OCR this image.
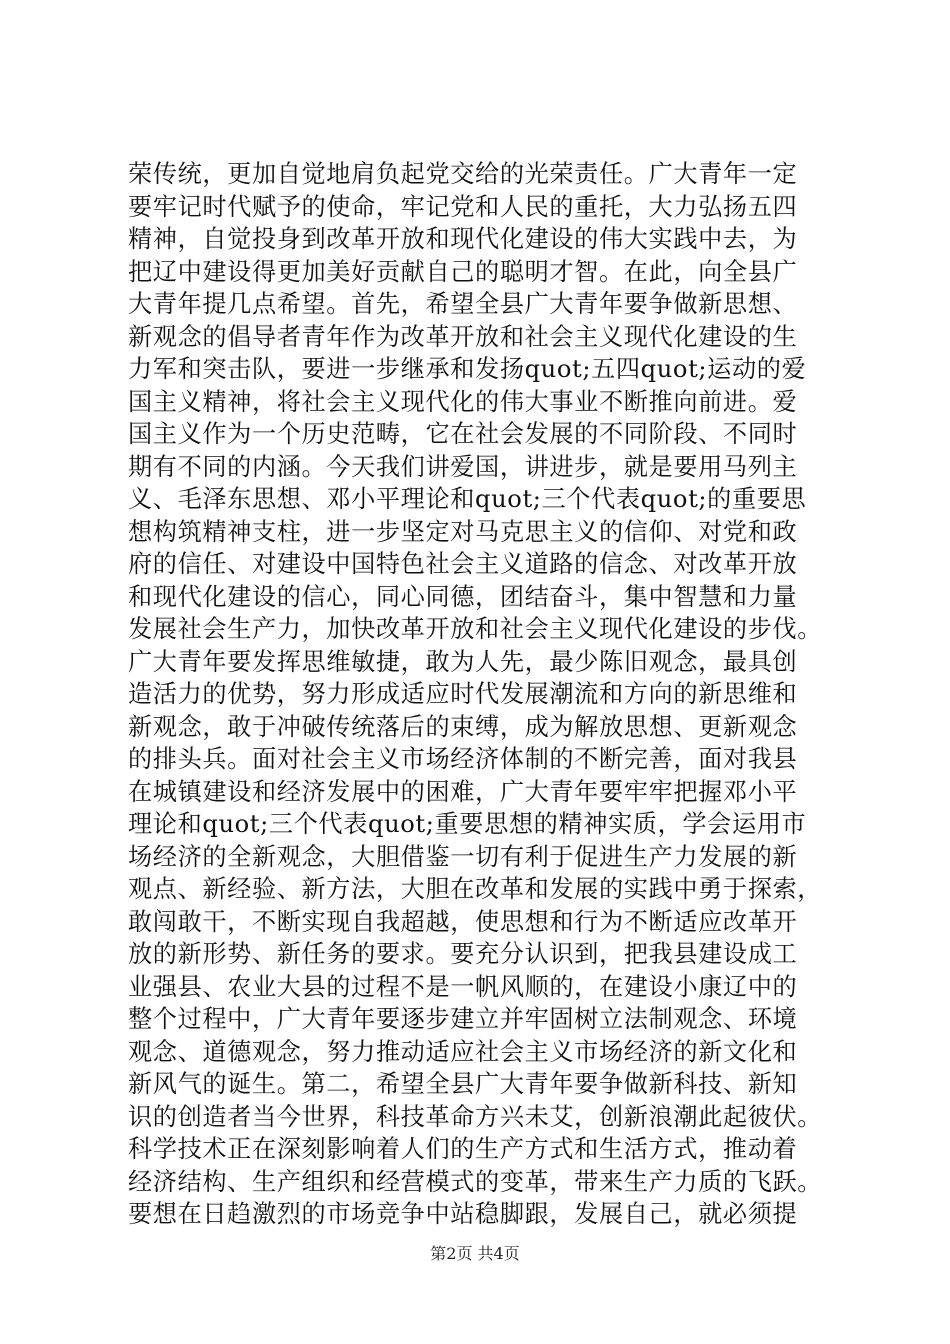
荣传统，更加自觉地肩负起党交给的光荣责任。广大青年一定
要牢记时代赋予的使命，牢记党和人民的重托，大力弘扬五四
精神，自觉投身到改革开放和现代化建设的伟大实践中去，为
把辽中建设得更加美好贡献自己的聪明才智。在此，向全县广
大青年提几点希望。首先，希望全县广大青年要争做新思想、
新观念的倡导者青年作为改革开放和社会主义现代化建设的生
力军和突击队，要进一步继承和发扬quot;五四quot;运动的爱
国主义精神，将社会主义现代化的伟大事业不断推向前进。爱
国主义作为一个历史范畴，它在社会发展的不同阶段、不同时
期有不同的内涵。今天我们讲爱国，讲进步，就是要用马列主
义、毛泽东思想、邓小平理论和quot;三个代表quot;的重要思
想构筑精神支柱，进一步坚定对马克思主义的信仰、对党和政
府的信任、对建设中国特色社会主义道路的信念、对改革开放
和现代化建设的信心，同心同德，团结奋斗，集中智慧和力量
发展社会生产力，加快改革开放和社会主义现代化建设的步伐。
广大青年要发挥思维敏捷，敢为人先，最少陈旧观念，最具创
造活力的优势，努力形成适应时代发展潮流和方向的新思维和
新观念，敢于冲破传统落后的束缚，成为解放思想、更新观念
的排头兵。面对社会主义市场经济体制的不断完善，面对我县
在城镇建设和经济发展中的困难，广大青年要牢牢把握邓小平
理论和quot;三个代表quot;重要思想的精神实质，学会运用市
场经济的全新观念，大胆借鉴一切有利于促进生产力发展的新
观点、新经验、新方法，大胆在改革和发展的实践中勇于探索，
敢闯敢干，不断实现自我超越，使思想和行为不断适应改革开
放的新形势、新任务的要求。要充分认识到，把我县建设成工
业强县、农业大县的过程不是一帆风顺的，在建设小康辽中的
整个过程中，广大青年要逐步建立并牢固树立法制观念、环境
观念、道德观念，努力推动适应社会主义市场经济的新文化和
新风气的诞生。第二，希望全县广大青年要争做新科技、新知
识的创造者当今世界，科技革命方兴未艾，创新浪潮此起彼伏。
科学技术正在深刻影响着人们的生产方式和生活方式，推动着
经济结构、生产组织和经营模式的变革，带来生产力质的飞跃。
要想在日趋激烈的市场竞争中站稳脚跟，发展自己，就必须提
第2页 共4页
